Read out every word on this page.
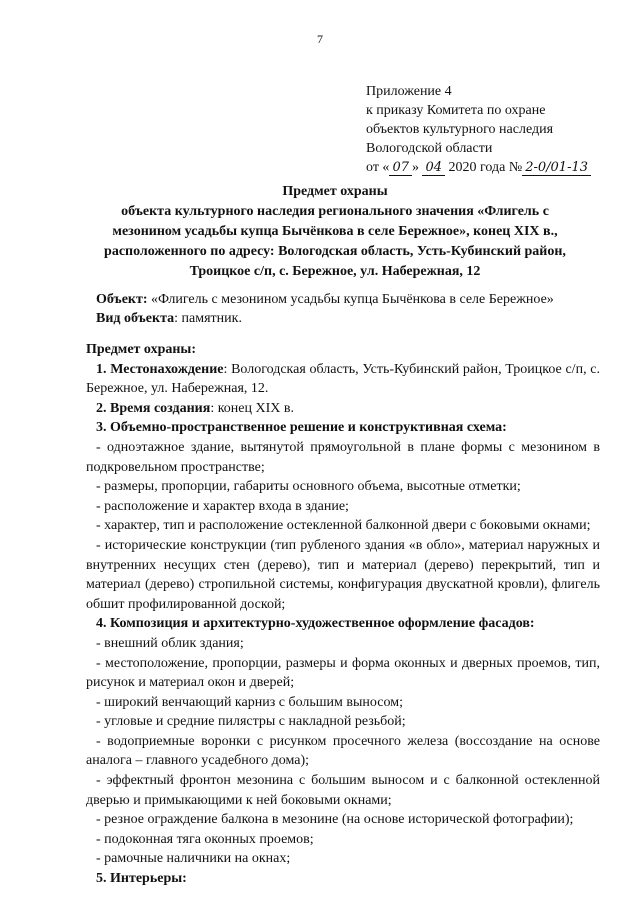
7
Приложение 4
к приказу Комитета по охране
объектов культурного наследия
Вологодской области
от « 07 » 04 2020 года № 2-0/01-13
Предмет охраны
объекта культурного наследия регионального значения «Флигель с
мезонином усадьбы купца Бычёнкова в селе Бережное», конец XIX в.,
расположенного по адресу: Вологодская область, Усть-Кубинский район,
Троицкое с/п, с. Бережное, ул. Набережная, 12
Объект: «Флигель с мезонином усадьбы купца Бычёнкова в селе Бережное»
Вид объекта: памятник.

Предмет охраны:

1. Местонахождение: Вологодская область, Усть-Кубинский район, Троицкое с/п, с. Бережное, ул. Набережная, 12.

2. Время создания: конец XIX в.

3. Объемно-пространственное решение и конструктивная схема:

- одноэтажное здание, вытянутой прямоугольной в плане формы с мезонином в подкровельном пространстве;

- размеры, пропорции, габариты основного объема, высотные отметки;

- расположение и характер входа в здание;

- характер, тип и расположение остекленной балконной двери с боковыми окнами;

- исторические конструкции (тип рубленого здания «в обло», материал наружных и внутренних несущих стен (дерево), тип и материал (дерево) перекрытий, тип и материал (дерево) стропильной системы, конфигурация двускатной кровли), флигель обшит профилированной доской;

4. Композиция и архитектурно-художественное оформление фасадов:

- внешний облик здания;

- местоположение, пропорции, размеры и форма оконных и дверных проемов, тип, рисунок и материал окон и дверей;

- широкий венчающий карниз с большим выносом;

- угловые и средние пилястры с накладной резьбой;

- водоприемные воронки с рисунком просечного железа (воссоздание на основе аналога – главного усадебного дома);

- эффектный фронтон мезонина с большим выносом и с балконной остекленной дверью и примыкающими к ней боковыми окнами;

- резное ограждение балкона в мезонине (на основе исторической фотографии);

- подоконная тяга оконных проемов;

- рамочные наличники на окнах;

5. Интерьеры:
